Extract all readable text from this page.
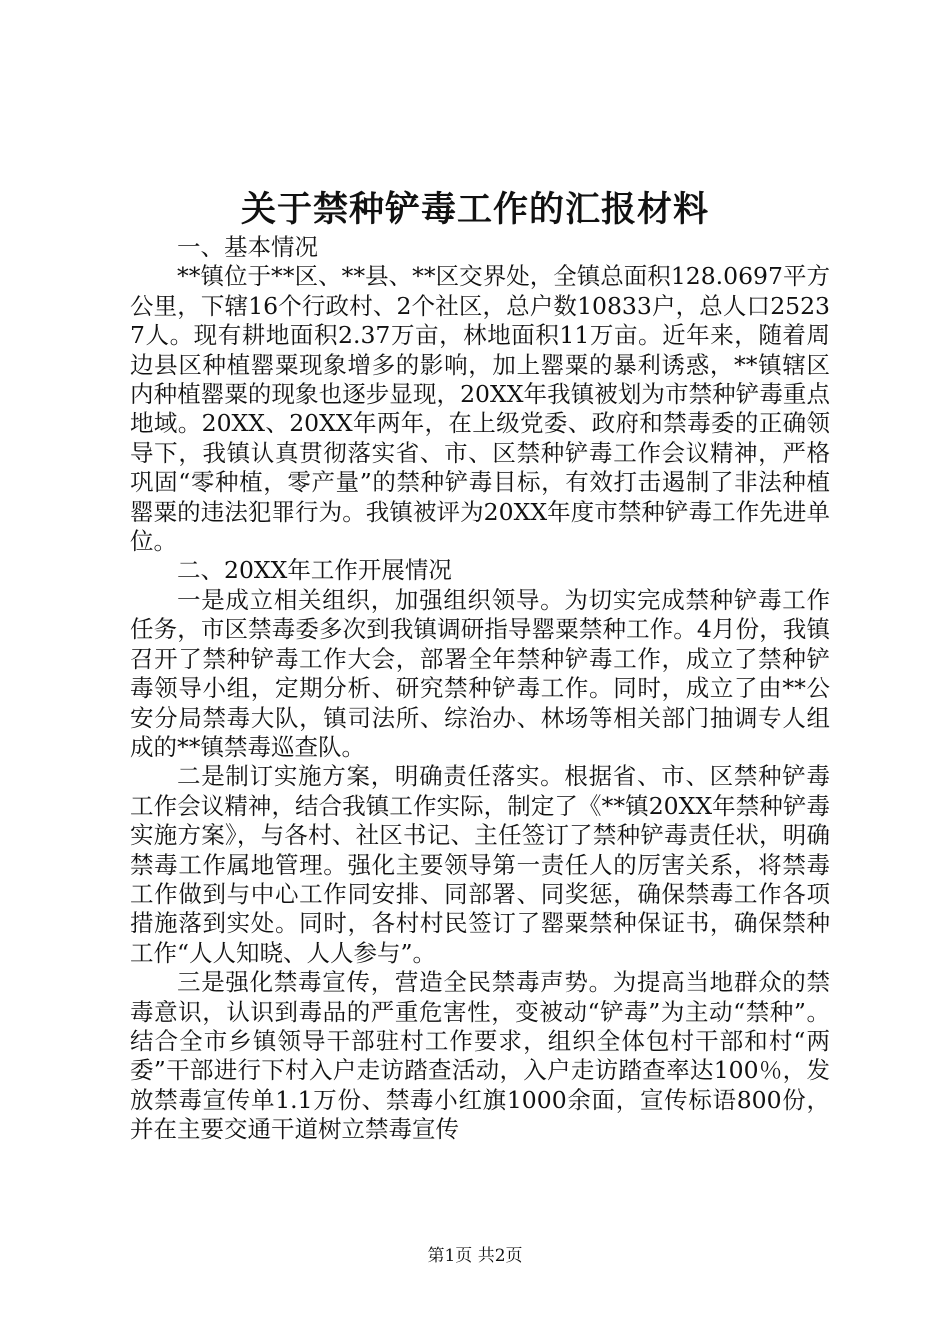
关于禁种铲毒工作的汇报材料

一、基本情况

**镇位于**区、**县、**区交界处，全镇总面积128.0697平方公里，下辖16个行政村、2个社区，总户数10833户，总人口25237人。现有耕地面积2.37万亩，林地面积11万亩。近年来，随着周边县区种植罂粟现象增多的影响，加上罂粟的暴利诱惑，**镇辖区内种植罂粟的现象也逐步显现，20XX年我镇被划为市禁种铲毒重点地域。20XX、20XX年两年，在上级党委、政府和禁毒委的正确领导下，我镇认真贯彻落实省、市、区禁种铲毒工作会议精神，严格巩固“零种植，零产量”的禁种铲毒目标，有效打击遏制了非法种植罂粟的违法犯罪行为。我镇被评为20XX年度市禁种铲毒工作先进单位。

二、20XX年工作开展情况

一是成立相关组织，加强组织领导。为切实完成禁种铲毒工作任务，市区禁毒委多次到我镇调研指导罂粟禁种工作。4月份，我镇召开了禁种铲毒工作大会，部署全年禁种铲毒工作，成立了禁种铲毒领导小组，定期分析、研究禁种铲毒工作。同时，成立了由**公安分局禁毒大队，镇司法所、综治办、林场等相关部门抽调专人组成的**镇禁毒巡查队。

二是制订实施方案，明确责任落实。根据省、市、区禁种铲毒工作会议精神，结合我镇工作实际，制定了《**镇20XX年禁种铲毒实施方案》，与各村、社区书记、主任签订了禁种铲毒责任状，明确禁毒工作属地管理。强化主要领导第一责任人的厉害关系，将禁毒工作做到与中心工作同安排、同部署、同奖惩，确保禁毒工作各项措施落到实处。同时，各村村民签订了罂粟禁种保证书，确保禁种工作“人人知晓、人人参与”。

三是强化禁毒宣传，营造全民禁毒声势。为提高当地群众的禁毒意识，认识到毒品的严重危害性，变被动“铲毒”为主动“禁种”。结合全市乡镇领导干部驻村工作要求，组织全体包村干部和村“两委”干部进行下村入户走访踏查活动，入户走访踏查率达100％，发放禁毒宣传单1.1万份、禁毒小红旗1000余面，宣传标语800份，并在主要交通干道树立禁毒宣传

第1页 共2页
